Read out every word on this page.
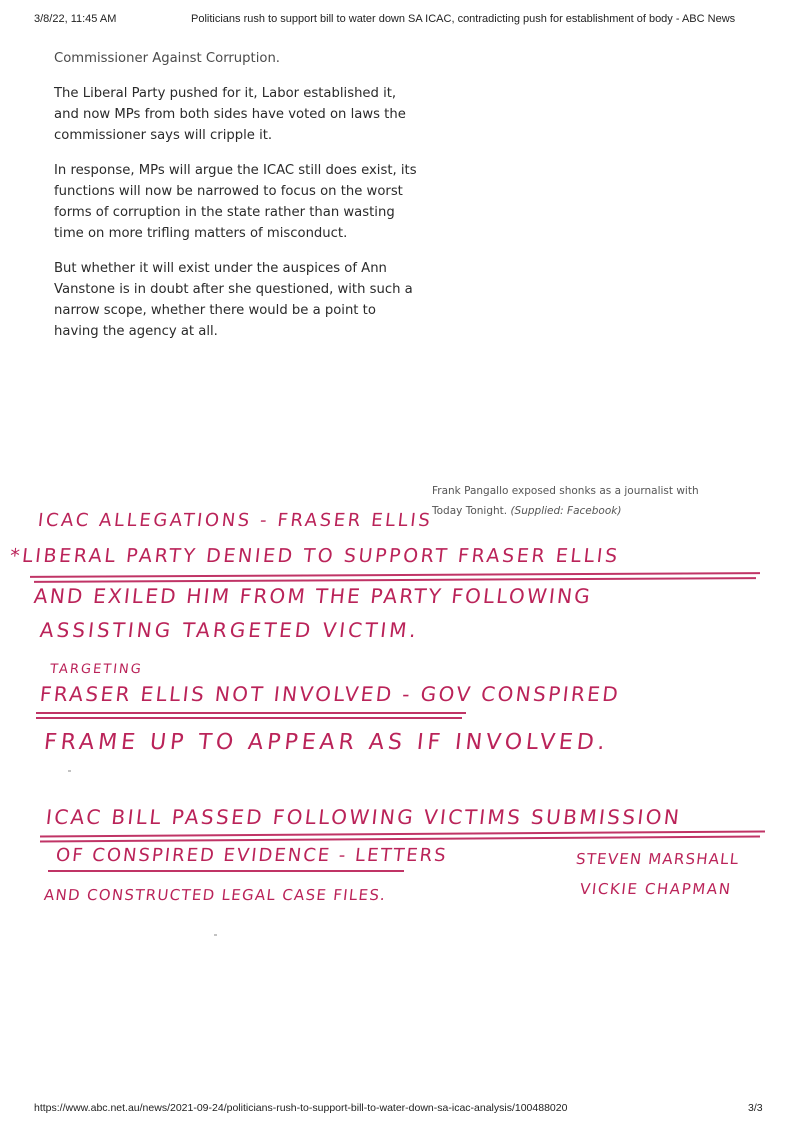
3/8/22, 11:45 AM	Politicians rush to support bill to water down SA ICAC, contradicting push for establishment of body - ABC News

Commissioner Against Corruption.

The Liberal Party pushed for it, Labor established it, and now MPs from both sides have voted on laws the commissioner says will cripple it.

In response, MPs will argue the ICAC still does exist, its functions will now be narrowed to focus on the worst forms of corruption in the state rather than wasting time on more trifling matters of misconduct.

But whether it will exist under the auspices of Ann Vanstone is in doubt after she questioned, with such a narrow scope, whether there would be a point to having the agency at all.

Frank Pangallo exposed shonks as a journalist with Today Tonight. (Supplied: Facebook)
ICAC ALLEGATIONS - FRASER ELLIS
*LIBERAL PARTY DENIED TO SUPPORT FRASER ELLIS
AND EXILED HIM FROM THE PARTY FOLLOWING
ASSISTING TARGETED VICTIM.
TARGETING
FRASER ELLIS NOT INVOLVED - GOV CONSPIRED
FRAME UP TO APPEAR AS IF INVOLVED.
ICAC BILL PASSED FOLLOWING VICTIMS SUBMISSION
OF CONSPIRED EVIDENCE - LETTERS	STEVEN MARSHALL
AND CONSTRUCTED LEGAL CASE FILES.	VICKIE CHAPMAN
https://www.abc.net.au/news/2021-09-24/politicians-rush-to-support-bill-to-water-down-sa-icac-analysis/100488020	3/3
